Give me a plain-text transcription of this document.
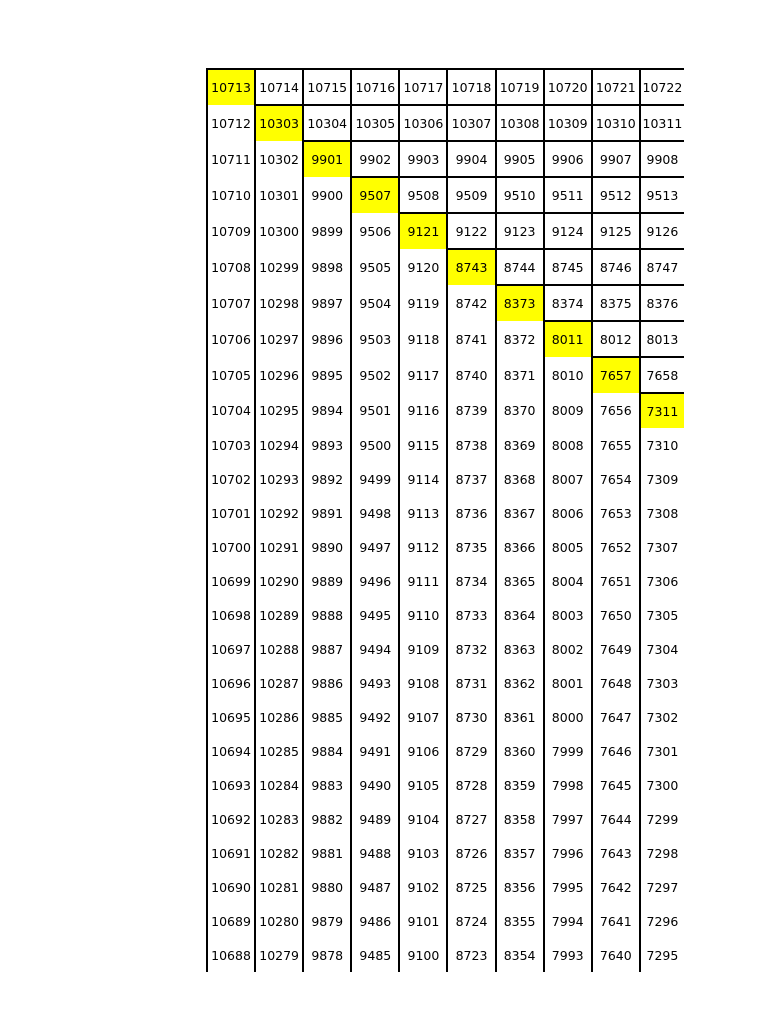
10713	10714	10715	10716	10717	10718	10719	10720	10721	10722
10712	10303	10304	10305	10306	10307	10308	10309	10310	10311
10711	10302	9901	9902	9903	9904	9905	9906	9907	9908
10710	10301	9900	9507	9508	9509	9510	9511	9512	9513
10709	10300	9899	9506	9121	9122	9123	9124	9125	9126
10708	10299	9898	9505	9120	8743	8744	8745	8746	8747
10707	10298	9897	9504	9119	8742	8373	8374	8375	8376
10706	10297	9896	9503	9118	8741	8372	8011	8012	8013
10705	10296	9895	9502	9117	8740	8371	8010	7657	7658
10704	10295	9894	9501	9116	8739	8370	8009	7656	7311
10703	10294	9893	9500	9115	8738	8369	8008	7655	7310
10702	10293	9892	9499	9114	8737	8368	8007	7654	7309
10701	10292	9891	9498	9113	8736	8367	8006	7653	7308
10700	10291	9890	9497	9112	8735	8366	8005	7652	7307
10699	10290	9889	9496	9111	8734	8365	8004	7651	7306
10698	10289	9888	9495	9110	8733	8364	8003	7650	7305
10697	10288	9887	9494	9109	8732	8363	8002	7649	7304
10696	10287	9886	9493	9108	8731	8362	8001	7648	7303
10695	10286	9885	9492	9107	8730	8361	8000	7647	7302
10694	10285	9884	9491	9106	8729	8360	7999	7646	7301
10693	10284	9883	9490	9105	8728	8359	7998	7645	7300
10692	10283	9882	9489	9104	8727	8358	7997	7644	7299
10691	10282	9881	9488	9103	8726	8357	7996	7643	7298
10690	10281	9880	9487	9102	8725	8356	7995	7642	7297
10689	10280	9879	9486	9101	8724	8355	7994	7641	7296
10688	10279	9878	9485	9100	8723	8354	7993	7640	7295
